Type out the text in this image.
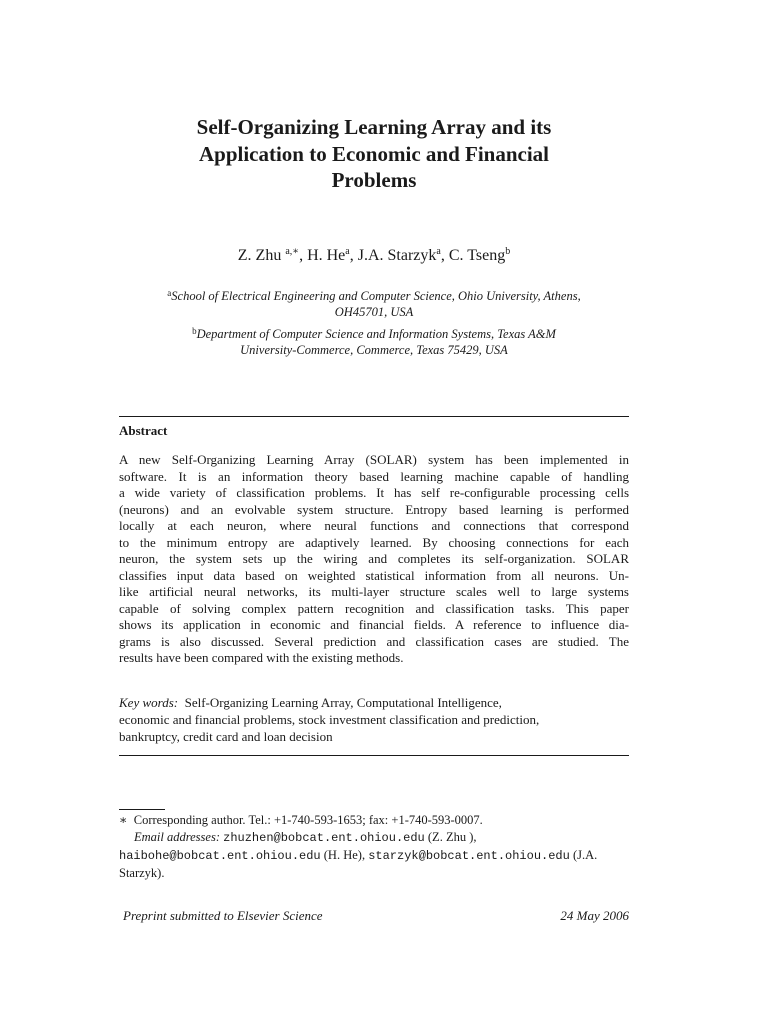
Self-Organizing Learning Array and its
Application to Economic and Financial
Problems
Z. Zhu $^{a,∗}$, H. He$^a$, J.A. Starzyk$^a$, C. Tseng$^b$
$^a$School of Electrical Engineering and Computer Science, Ohio University, Athens,
OH45701, USA
$^b$Department of Computer Science and Information Systems, Texas A&M
University-Commerce, Commerce, Texas 75429, USA
Abstract
A new Self-Organizing Learning Array (SOLAR) system has been implemented in
software. It is an information theory based learning machine capable of handling
a wide variety of classification problems. It has self re-configurable processing cells
(neurons) and an evolvable system structure. Entropy based learning is performed
locally at each neuron, where neural functions and connections that correspond
to the minimum entropy are adaptively learned. By choosing connections for each
neuron, the system sets up the wiring and completes its self-organization. SOLAR
classifies input data based on weighted statistical information from all neurons. Un-
like artificial neural networks, its multi-layer structure scales well to large systems
capable of solving complex pattern recognition and classification tasks. This paper
shows its application in economic and financial fields. A reference to influence dia-
grams is also discussed. Several prediction and classification cases are studied. The
results have been compared with the existing methods.
Key words: Self-Organizing Learning Array, Computational Intelligence,
economic and financial problems, stock investment classification and prediction,
bankruptcy, credit card and loan decision
∗ Corresponding author. Tel.: +1-740-593-1653; fax: +1-740-593-0007.
Email addresses: zhuzhen@bobcat.ent.ohiou.edu (Z. Zhu ),
haibohe@bobcat.ent.ohiou.edu (H. He), starzyk@bobcat.ent.ohiou.edu (J.A.
Starzyk).
Preprint submitted to Elsevier Science	24 May 2006
